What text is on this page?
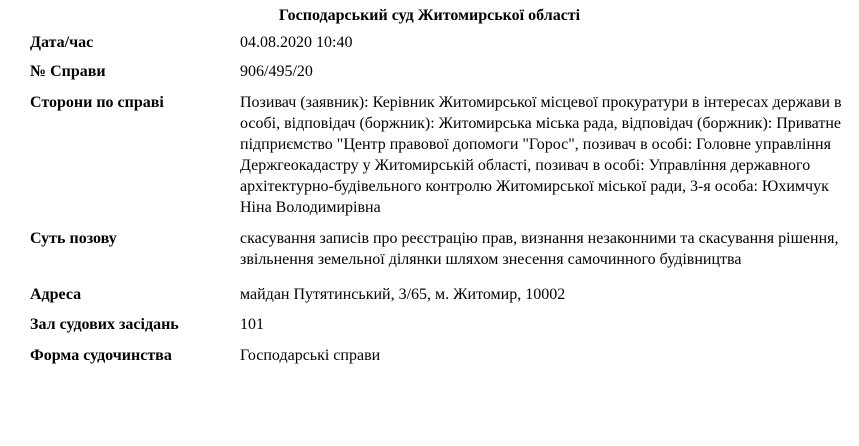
Господарський суд Житомирської області
Дата/час	04.08.2020 10:40
№ Справи	906/495/20
Сторони по справі	Позивач (заявник): Керівник Житомирської місцевої прокуратури в інтересах держави в особі, відповідач (боржник): Житомирська міська рада, відповідач (боржник): Приватне підприємство "Центр правової допомоги "Горос", позивач в особі: Головне управління Держгеокадастру у Житомирській області, позивач в особі: Управління державного архітектурно-будівельного контролю Житомирської міської ради, 3-я особа: Юхимчук Ніна Володимирівна
Суть позову	скасування записів про реєстрацію прав, визнання незаконними та скасування рішення, звільнення земельної ділянки шляхом знесення самочинного будівництва
Адреса	майдан Путятинський, 3/65, м. Житомир, 10002
Зал судових засідань	101
Форма судочинства	Господарські справи
